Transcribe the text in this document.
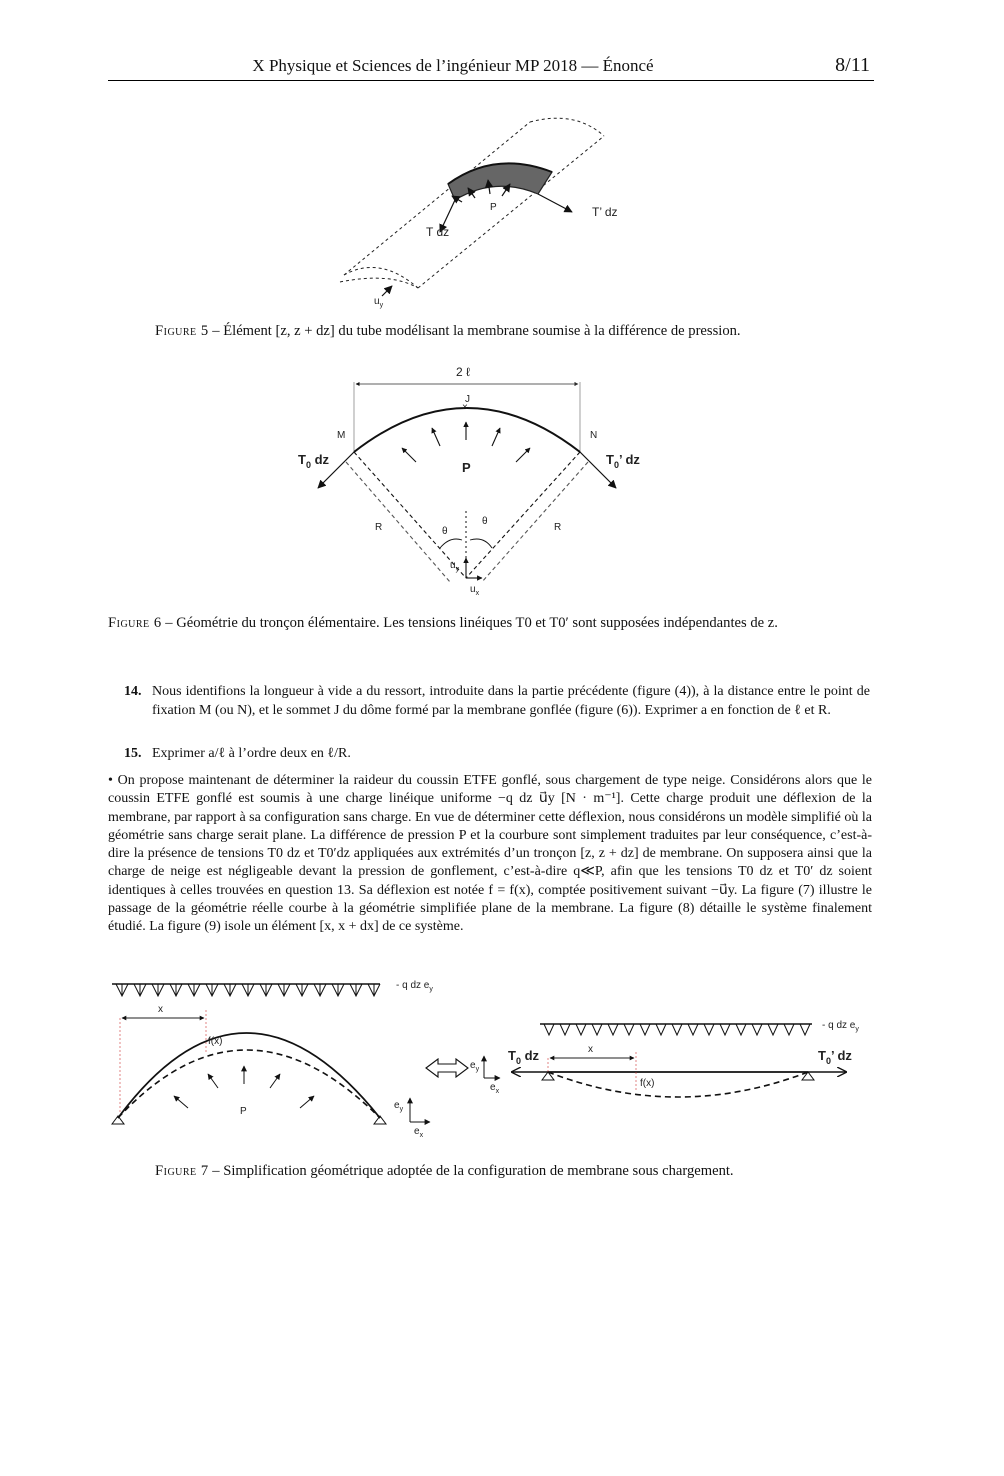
X Physique et Sciences de l’ingénieur MP 2018 — Énoncé	8/11
P
T dz
T’ dz
$u_y$
Figure 5 – Élément [z, z + dz] du tube modélisant la membrane soumise à la différence de pression.
2 ℓ
J
×
M	N
$T_0$ dz	$T_0$’ dz
P
R	R
θ
θ
$u_y$
$u_x$
Figure 6 – Géométrie du tronçon élémentaire. Les tensions linéiques T0 et T0′ sont supposées indépendantes de z.
14. Nous identifions la longueur à vide a du ressort, introduite dans la partie précédente (figure (4)), à la distance entre le point de fixation M (ou N), et le sommet J du dôme formé par la membrane gonflée (figure (6)). Exprimer a en fonction de ℓ et R.
15. Exprimer a/ℓ à l’ordre deux en ℓ/R.
• On propose maintenant de déterminer la raideur du coussin ETFE gonflé, sous chargement de type neige. Considérons alors que le coussin ETFE gonflé est soumis à une charge linéique uniforme −q dz u⃗y [N · m⁻¹]. Cette charge produit une déflexion de la membrane, par rapport à sa configuration sans charge. En vue de déterminer cette déflexion, nous considérons un modèle simplifié où la géométrie sans charge serait plane. La différence de pression P et la courbure sont simplement traduites par leur conséquence, c’est-à-dire la présence de tensions T0 dz et T0′dz appliquées aux extrémités d’un tronçon [z, z + dz] de membrane. On supposera ainsi que la charge de neige est négligeable devant la pression de gonflement, c’est-à-dire q≪P, afin que les tensions T0 dz et T0′ dz soient identiques à celles trouvées en question 13. Sa déflexion est notée f = f(x), comptée positivement suivant −u⃗y. La figure (7) illustre le passage de la géométrie réelle courbe à la géométrie simplifiée plane de la membrane. La figure (8) détaille le système finalement étudié. La figure (9) isole un élément [x, x + dx] de ce système.
- q dz $e_y$
x
f(x)
P
$e_y$
$e_x$
$e_y$
$e_x$
- q dz $e_y$
x
f(x)
$T_0$ dz	$T_0$’ dz
Figure 7 – Simplification géométrique adoptée de la configuration de membrane sous chargement.
